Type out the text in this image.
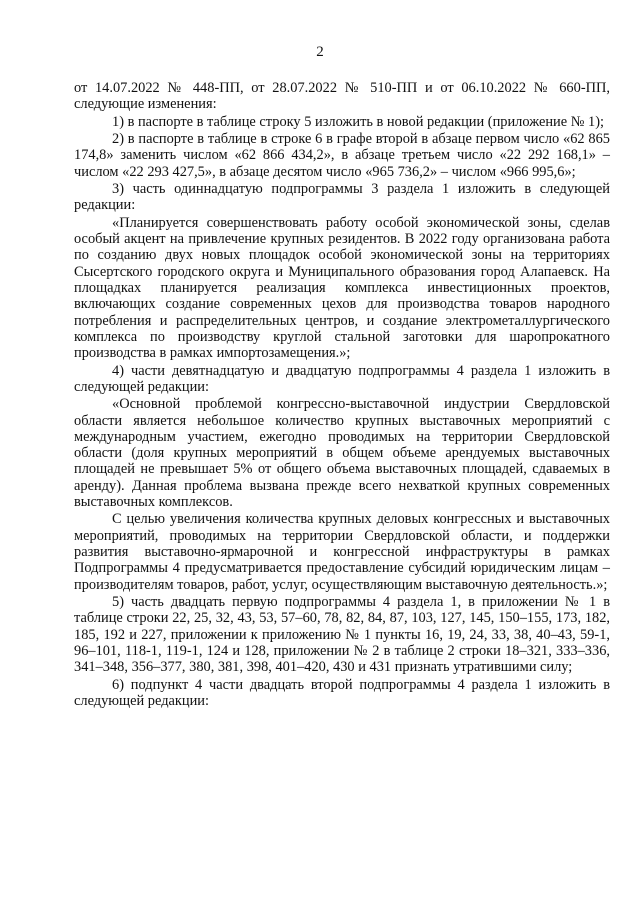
2

от 14.07.2022 № 448-ПП, от 28.07.2022 № 510-ПП и от 06.10.2022 № 660-ПП, следующие изменения:

1) в паспорте в таблице строку 5 изложить в новой редакции (приложение № 1);

2) в паспорте в таблице в строке 6 в графе второй в абзаце первом число «62 865 174,8» заменить числом «62 866 434,2», в абзаце третьем число «22 292 168,1» – числом «22 293 427,5», в абзаце десятом число «965 736,2» – числом «966 995,6»;

3) часть одиннадцатую подпрограммы 3 раздела 1 изложить в следующей редакции:

«Планируется совершенствовать работу особой экономической зоны, сделав особый акцент на привлечение крупных резидентов. В 2022 году организована работа по созданию двух новых площадок особой экономической зоны на территориях Сысертского городского округа и Муниципального образования город Алапаевск. На площадках планируется реализация комплекса инвестиционных проектов, включающих создание современных цехов для производства товаров народного потребления и распределительных центров, и создание электрометаллургического комплекса по производству круглой стальной заготовки для шаропрокатного производства в рамках импортозамещения.»;

4) части девятнадцатую и двадцатую подпрограммы 4 раздела 1 изложить в следующей редакции:

«Основной проблемой конгрессно-выставочной индустрии Свердловской области является небольшое количество крупных выставочных мероприятий с международным участием, ежегодно проводимых на территории Свердловской области (доля крупных мероприятий в общем объеме арендуемых выставочных площадей не превышает 5% от общего объема выставочных площадей, сдаваемых в аренду). Данная проблема вызвана прежде всего нехваткой крупных современных выставочных комплексов.

С целью увеличения количества крупных деловых конгрессных и выставочных мероприятий, проводимых на территории Свердловской области, и поддержки развития выставочно-ярмарочной и конгрессной инфраструктуры в рамках Подпрограммы 4 предусматривается предоставление субсидий юридическим лицам – производителям товаров, работ, услуг, осуществляющим выставочную деятельность.»;

5) часть двадцать первую подпрограммы 4 раздела 1, в приложении № 1 в таблице строки 22, 25, 32, 43, 53, 57–60, 78, 82, 84, 87, 103, 127, 145, 150–155, 173, 182, 185, 192 и 227, приложении к приложению № 1 пункты 16, 19, 24, 33, 38, 40–43, 59-1, 96–101, 118-1, 119-1, 124 и 128, приложении № 2 в таблице 2 строки 18–321, 333–336, 341–348, 356–377, 380, 381, 398, 401–420, 430 и 431 признать утратившими силу;

6) подпункт 4 части двадцать второй подпрограммы 4 раздела 1 изложить в следующей редакции:
